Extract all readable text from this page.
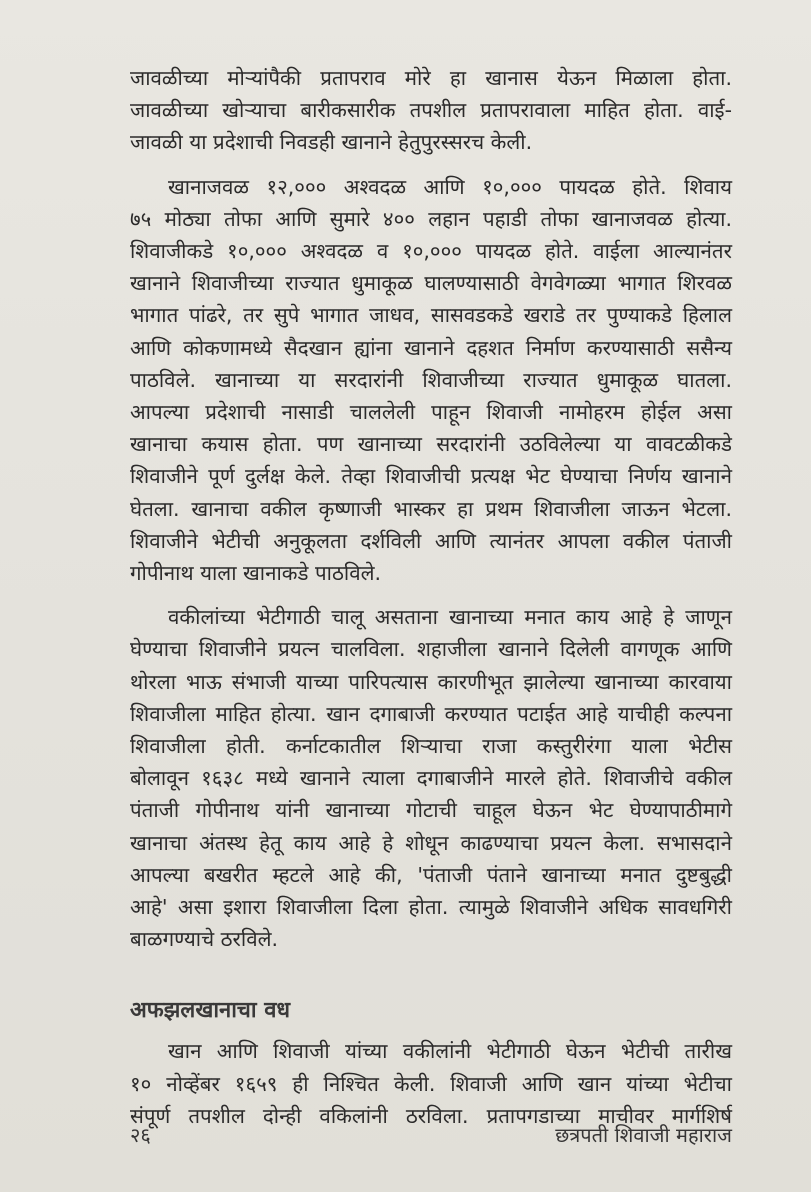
जावळीच्या मोऱ्यांपैकी प्रतापराव मोरे हा खानास येऊन मिळाला होता.
जावळीच्या खोऱ्याचा बारीकसारीक तपशील प्रतापरावाला माहित होता. वाई-
जावळी या प्रदेशाची निवडही खानाने हेतुपुरस्सरच केली.

खानाजवळ १२,००० अश्वदळ आणि १०,००० पायदळ होते. शिवाय
७५ मोठ्या तोफा आणि सुमारे ४०० लहान पहाडी तोफा खानाजवळ होत्या.
शिवाजीकडे १०,००० अश्वदळ व १०,००० पायदळ होते. वाईला आल्यानंतर
खानाने शिवाजीच्या राज्यात धुमाकूळ घालण्यासाठी वेगवेगळ्या भागात शिरवळ
भागात पांढरे, तर सुपे भागात जाधव, सासवडकडे खराडे तर पुण्याकडे हिलाल
आणि कोकणामध्ये सैदखान ह्यांना खानाने दहशत निर्माण करण्यासाठी ससैन्य
पाठविले. खानाच्या या सरदारांनी शिवाजीच्या राज्यात धुमाकूळ घातला.
आपल्या प्रदेशाची नासाडी चाललेली पाहून शिवाजी नामोहरम होईल असा
खानाचा कयास होता. पण खानाच्या सरदारांनी उठविलेल्या या वावटळीकडे
शिवाजीने पूर्ण दुर्लक्ष केले. तेव्हा शिवाजीची प्रत्यक्ष भेट घेण्याचा निर्णय खानाने
घेतला. खानाचा वकील कृष्णाजी भास्कर हा प्रथम शिवाजीला जाऊन भेटला.
शिवाजीने भेटीची अनुकूलता दर्शविली आणि त्यानंतर आपला वकील पंताजी
गोपीनाथ याला खानाकडे पाठविले.

वकीलांच्या भेटीगाठी चालू असताना खानाच्या मनात काय आहे हे जाणून
घेण्याचा शिवाजीने प्रयत्न चालविला. शहाजीला खानाने दिलेली वागणूक आणि
थोरला भाऊ संभाजी याच्या पारिपत्यास कारणीभूत झालेल्या खानाच्या कारवाया
शिवाजीला माहित होत्या. खान दगाबाजी करण्यात पटाईत आहे याचीही कल्पना
शिवाजीला होती. कर्नाटकातील शिऱ्याचा राजा कस्तुरीरंगा याला भेटीस
बोलावून १६३८ मध्ये खानाने त्याला दगाबाजीने मारले होते. शिवाजीचे वकील
पंताजी गोपीनाथ यांनी खानाच्या गोटाची चाहूल घेऊन भेट घेण्यापाठीमागे
खानाचा अंतस्थ हेतू काय आहे हे शोधून काढण्याचा प्रयत्न केला. सभासदाने
आपल्या बखरीत म्हटले आहे की, 'पंताजी पंताने खानाच्या मनात दुष्टबुद्धी
आहे' असा इशारा शिवाजीला दिला होता. त्यामुळे शिवाजीने अधिक सावधगिरी
बाळगण्याचे ठरविले.

अफझलखानाचा वध

खान आणि शिवाजी यांच्या वकीलांनी भेटीगाठी घेऊन भेटीची तारीख
१० नोव्हेंबर १६५९ ही निश्चित केली. शिवाजी आणि खान यांच्या भेटीचा
संपूर्ण तपशील दोन्ही वकिलांनी ठरविला. प्रतापगडाच्या माचीवर मार्गशिर्ष

२६	छत्रपती शिवाजी महाराज
